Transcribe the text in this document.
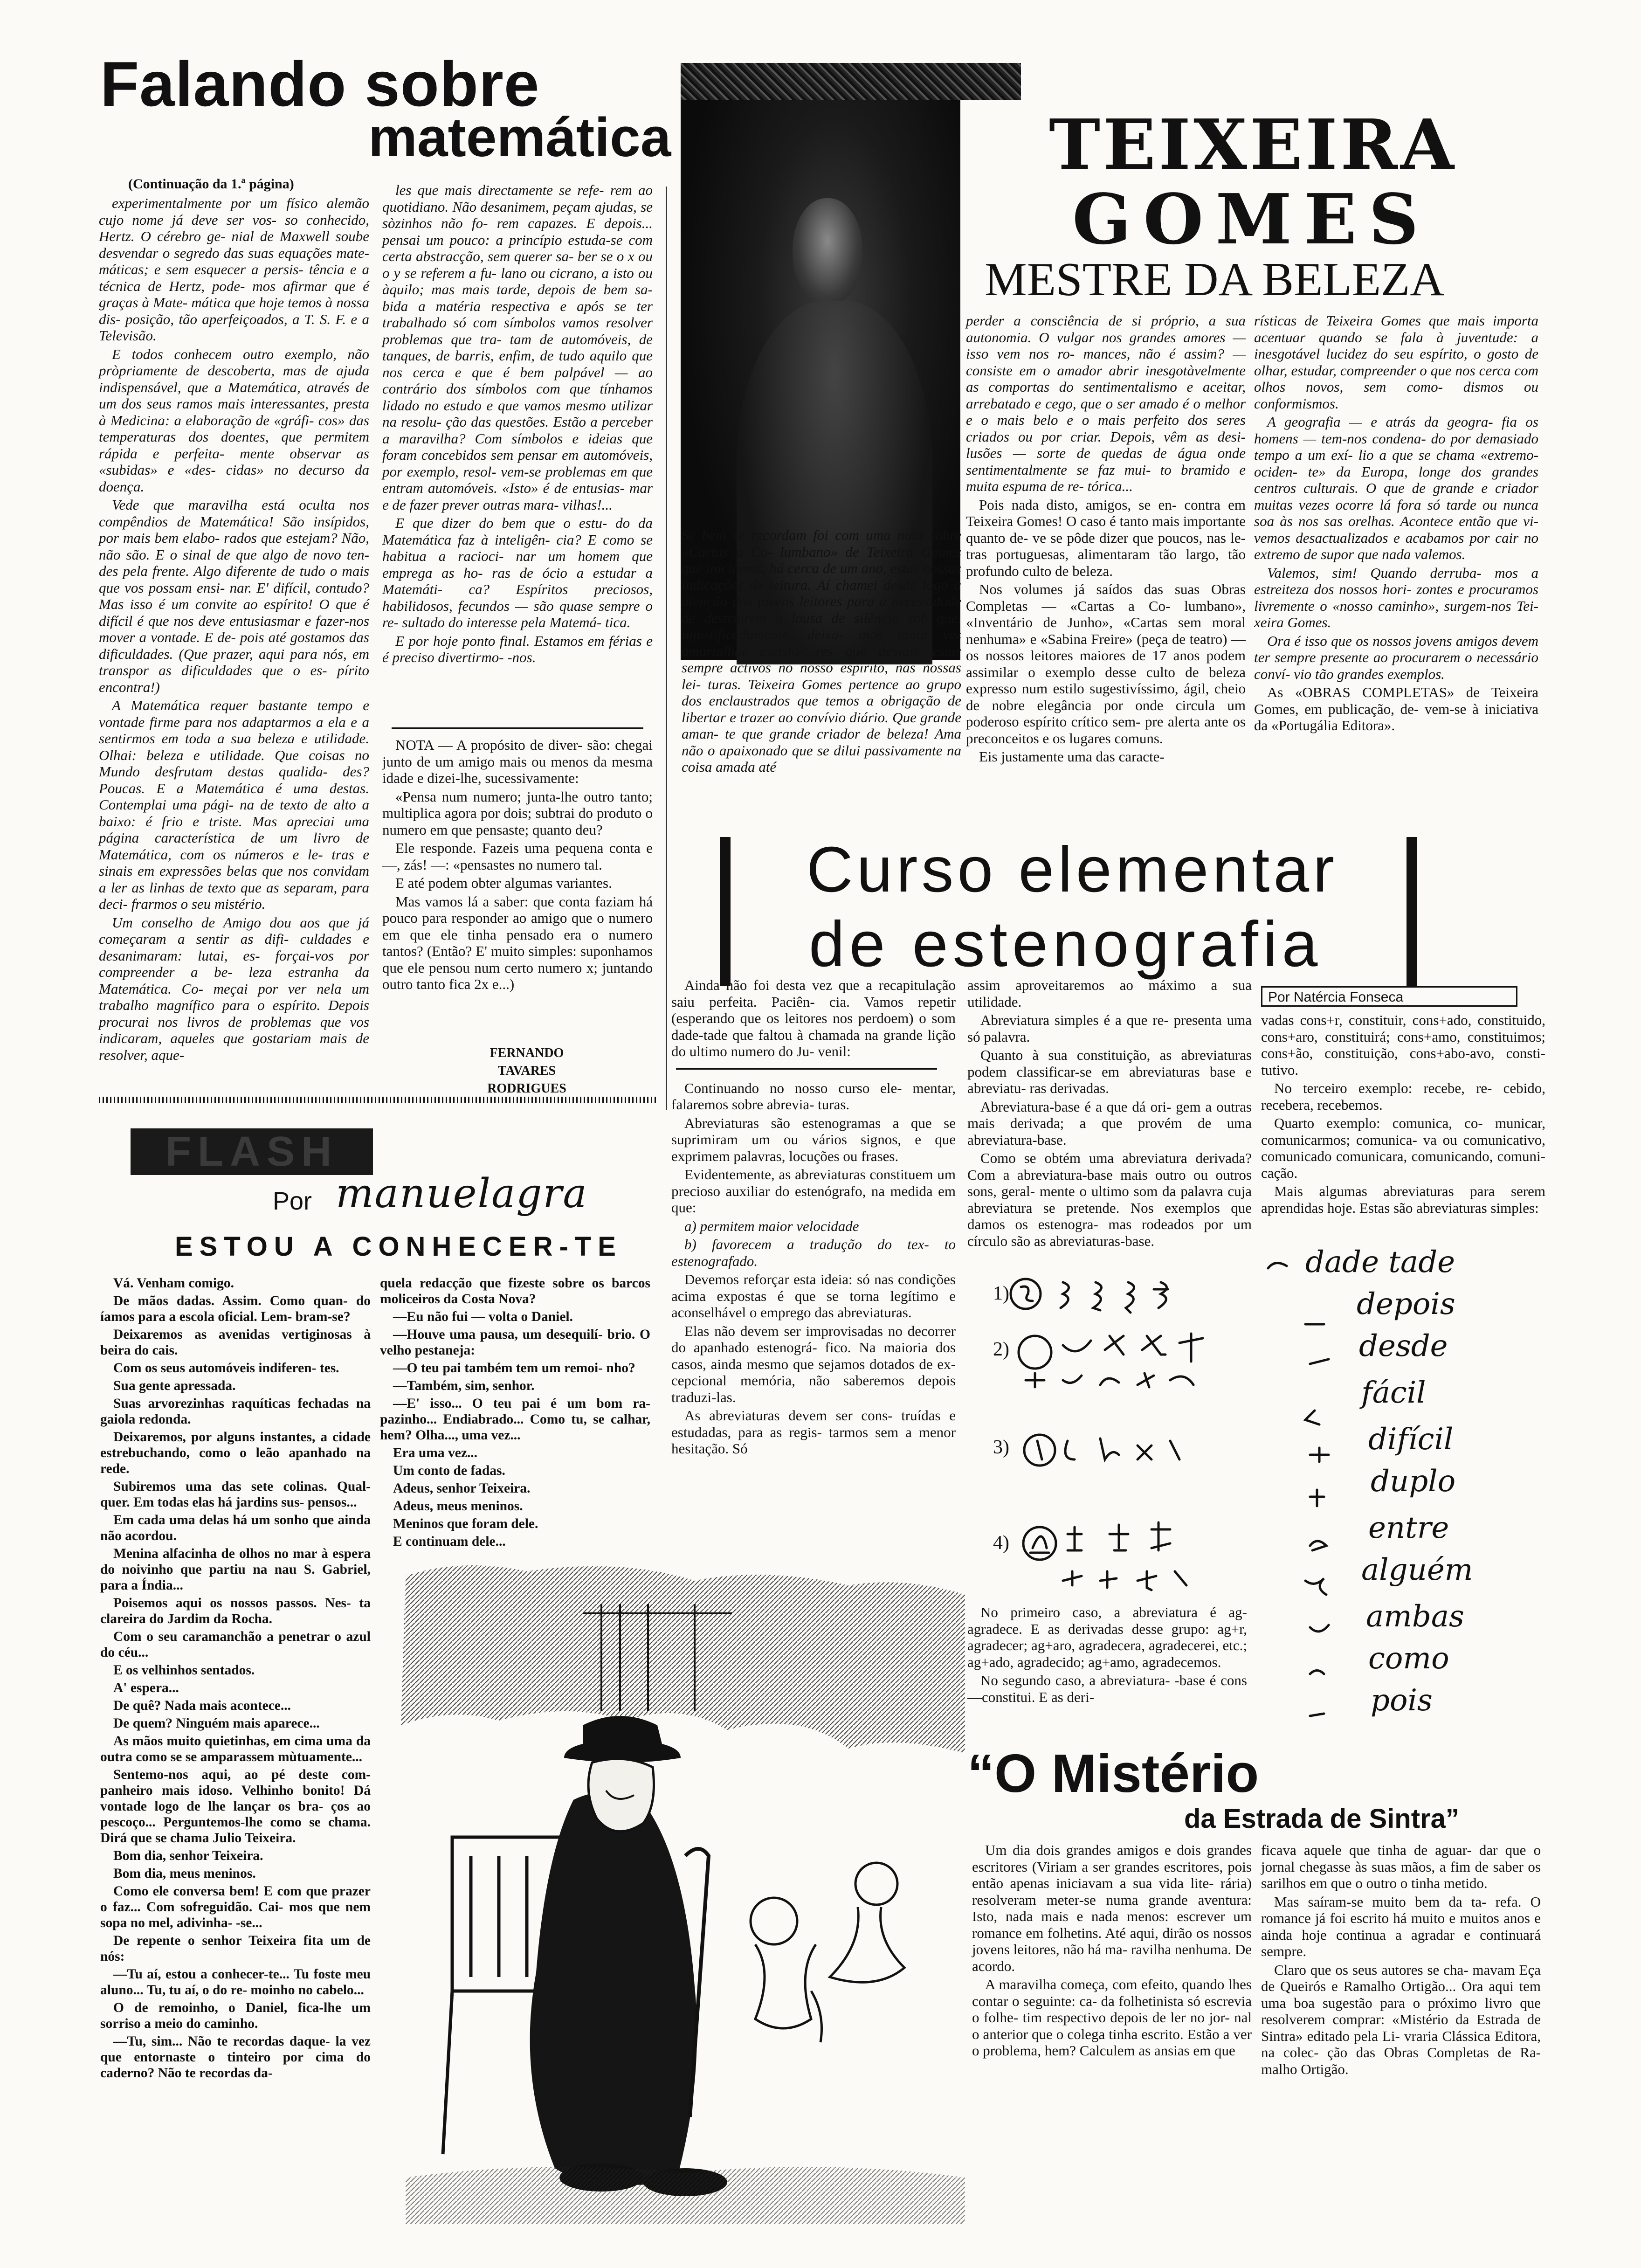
Falando sobre
matemática
(Continuação da 1.ª página)

experimentalmente por um físico alemão cujo nome já deve ser vos- so conhecido, Hertz. O cérebro ge- nial de Maxwell soube desvendar o segredo das suas equações mate- máticas; e sem esquecer a persis- tência e a técnica de Hertz, pode- mos afirmar que é graças à Mate- mática que hoje temos à nossa dis- posição, tão aperfeiçoados, a T. S. F. e a Televisão.

E todos conhecem outro exemplo, não pròpriamente de descoberta, mas de ajuda indispensável, que a Matemática, através de um dos seus ramos mais interessantes, presta à Medicina: a elaboração de «gráfi- cos» das temperaturas dos doentes, que permitem rápida e perfeita- mente observar as «subidas» e «des- cidas» no decurso da doença.

Vede que maravilha está oculta nos compêndios de Matemática! São insípidos, por mais bem elabo- rados que estejam? Não, não são. E o sinal de que algo de novo ten- des pela frente. Algo diferente de tudo o mais que vos possam ensi- nar. E' difícil, contudo? Mas isso é um convite ao espírito! O que é difícil é que nos deve entusiasmar e fazer-nos mover a vontade. E de- pois até gostamos das dificuldades. (Que prazer, aqui para nós, em transpor as dificuldades que o es- pírito encontra!)

A Matemática requer bastante tempo e vontade firme para nos adaptarmos a ela e a sentirmos em toda a sua beleza e utilidade. Olhai: beleza e utilidade. Que coisas no Mundo desfrutam destas qualida- des? Poucas. E a Matemática é uma destas. Contemplai uma pági- na de texto de alto a baixo: é frio e triste. Mas apreciai uma página característica de um livro de Matemática, com os números e le- tras e sinais em expressões belas que nos convidam a ler as linhas de texto que as separam, para deci- frarmos o seu mistério.

Um conselho de Amigo dou aos que já começaram a sentir as difi- culdades e desanimaram: lutai, es- forçai-vos por compreender a be- leza estranha da Matemática. Co- meçai por ver nela um trabalho magnífico para o espírito. Depois procurai nos livros de problemas que vos indicaram, aqueles que gostariam mais de resolver, aque-

les que mais directamente se refe- rem ao quotidiano. Não desanimem, peçam ajudas, se sòzinhos não fo- rem capazes. E depois... pensai um pouco: a princípio estuda-se com certa abstracção, sem querer sa- ber se o x ou o y se referem a fu- lano ou cicrano, a isto ou àquilo; mas mais tarde, depois de bem sa- bida a matéria respectiva e após se ter trabalhado só com símbolos vamos resolver problemas que tra- tam de automóveis, de tanques, de barris, enfim, de tudo aquilo que nos cerca e que é bem palpável — ao contrário dos símbolos com que tínhamos lidado no estudo e que vamos mesmo utilizar na resolu- ção das questões. Estão a perceber a maravilha? Com símbolos e ideias que foram concebidos sem pensar em automóveis, por exemplo, resol- vem-se problemas em que entram automóveis. «Isto» é de entusias- mar e de fazer prever outras mara- vilhas!...

E que dizer do bem que o estu- do da Matemática faz à inteligên- cia? E como se habitua a racioci- nar um homem que emprega as ho- ras de ócio a estudar a Matemáti- ca? Espíritos preciosos, habilidosos, fecundos — são quase sempre o re- sultado do interesse pela Matemá- tica.

E por hoje ponto final. Estamos em férias e é preciso divertirmo- -nos.

NOTA — A propósito de diver- são: chegai junto de um amigo mais ou menos da mesma idade e dizei-lhe, sucessivamente:

«Pensa num numero; junta-lhe outro tanto; multiplica agora por dois; subtrai do produto o numero em que pensaste; quanto deu?

Ele responde. Fazeis uma pequena conta e —, zás! —: «pensastes no numero tal.

E até podem obter algumas variantes.

Mas vamos lá a saber: que conta faziam há pouco para responder ao amigo que o numero em que ele tinha pensado era o numero tantos? (Então? E' muito simples: suponhamos que ele pensou num certo numero x; juntando outro tanto fica 2x e...)

FERNANDO TAVARES RODRIGUES
TEIXEIRA
GOMES
MESTRE DA BELEZA

Se bem se recordam foi com uma nota sobre «Cartas a Co- lumbano» de Teixeira Gomes que iniciámos, há cerca de um ano, estas nossas indicações de leitura. Aí chamei desde logo a atenção dos jovens leitores para a necessidade de destruírem a lousa de silêncio sob que, injustificadamente, deixa- mos tanta vez amortalhar escrito- res que deviam estar sempre activos no nosso espírito, nas nossas lei- turas. Teixeira Gomes pertence ao grupo dos enclaustrados que temos a obrigação de libertar e trazer ao convívio diário. Que grande aman- te que grande criador de beleza! Ama não o apaixonado que se dilui passivamente na coisa amada até

perder a consciência de si próprio, a sua autonomia. O vulgar nos grandes amores — isso vem nos ro- mances, não é assim? — consiste em o amador abrir inesgotàvelmente as comportas do sentimentalismo e aceitar, arrebatado e cego, que o ser amado é o melhor e o mais belo e o mais perfeito dos seres criados ou por criar. Depois, vêm as desi- lusões — sorte de quedas de água onde sentimentalmente se faz mui- to bramido e muita espuma de re- tórica...

Pois nada disto, amigos, se en- contra em Teixeira Gomes! O caso é tanto mais importante quanto de- ve se pôde dizer que poucos, nas le- tras portuguesas, alimentaram tão largo, tão profundo culto de beleza.

Nos volumes já saídos das suas Obras Completas — «Cartas a Co- lumbano», «Inventário de Junho», «Cartas sem moral nenhuma» e «Sabina Freire» (peça de teatro) — os nossos leitores maiores de 17 anos podem assimilar o exemplo desse culto de beleza expresso num estilo sugestivíssimo, ágil, cheio de nobre elegância por onde circula um poderoso espírito crítico sem- pre alerta ante os preconceitos e os lugares comuns.

Eis justamente uma das caracte-

rísticas de Teixeira Gomes que mais importa acentuar quando se fala à juventude: a inesgotável lucidez do seu espírito, o gosto de olhar, estudar, compreender o que nos cerca com olhos novos, sem como- dismos ou conformismos.

A geografia — e atrás da geogra- fia os homens — tem-nos condena- do por demasiado tempo a um exí- lio a que se chama «extremo-ociden- te» da Europa, longe dos grandes centros culturais. O que de grande e criador muitas vezes ocorre lá fora só tarde ou nunca soa às nos sas orelhas. Acontece então que vi- vemos desactualizados e acabamos por cair no extremo de supor que nada valemos.

Valemos, sim! Quando derruba- mos a estreiteza dos nossos hori- zontes e procuramos livremente o «nosso caminho», surgem-nos Tei- xeira Gomes.

Ora é isso que os nossos jovens amigos devem ter sempre presente ao procurarem o necessário conví- vio tão grandes exemplos.

As «OBRAS COMPLETAS» de Teixeira Gomes, em publicação, de- vem-se à iniciativa da «Portugália Editora».

Curso elementar
de estenografia
Por Natércia Fonseca

Ainda não foi desta vez que a recapitulação saiu perfeita. Paciên- cia. Vamos repetir (esperando que os leitores nos perdoem) o som dade-tade que faltou à chamada na grande lição do ultimo numero do Ju- venil:

Continuando no nosso curso ele- mentar, falaremos sobre abrevia- turas.

Abreviaturas são estenogramas a que se suprimiram um ou vários signos, e que exprimem palavras, locuções ou frases.

Evidentemente, as abreviaturas constituem um precioso auxiliar do estenógrafo, na medida em que:

a) permitem maior velocidade

b) favorecem a tradução do tex- to estenografado.

Devemos reforçar esta ideia: só nas condições acima expostas é que se torna legítimo e aconselhável o emprego das abreviaturas.

Elas não devem ser improvisadas no decorrer do apanhado estenográ- fico. Na maioria dos casos, ainda mesmo que sejamos dotados de ex- cepcional memória, não saberemos depois traduzi-las.

As abreviaturas devem ser cons- truídas e estudadas, para as regis- tarmos sem a menor hesitação. Só

assim aproveitaremos ao máximo a sua utilidade.

Abreviatura simples é a que re- presenta uma só palavra.

Quanto à sua constituição, as abreviaturas podem classificar-se em abreviaturas base e abreviatu- ras derivadas.

Abreviatura-base é a que dá ori- gem a outras mais derivada; a que provém de uma abreviatura-base.

Como se obtém uma abreviatura derivada? Com a abreviatura-base mais outro ou outros sons, geral- mente o ultimo som da palavra cuja abreviatura se pretende. Nos exemplos que damos os estenogra- mas rodeados por um círculo são as abreviaturas-base.

vadas cons+r, constituir, cons+ado, constituido, cons+aro, constituirá; cons+amo, constituimos; cons+ão, constituição, cons+abo-avo, consti- tutivo.

No terceiro exemplo: recebe, re- cebido, recebera, recebemos.

Quarto exemplo: comunica, co- municar, comunicarmos; comunica- va ou comunicativo, comunicado comunicara, comunicando, comuni- cação.

Mais algumas abreviaturas para serem aprendidas hoje. Estas são abreviaturas simples:

1)
2)
3)
4)
dade tade
depois
desde
fácil
difícil
duplo
entre
alguém
ambas
como
pois

No primeiro caso, a abreviatura é ag-agradece. E as derivadas desse grupo: ag+r, agradecer; ag+aro, agradecera, agradecerei, etc.; ag+ado, agradecido; ag+amo, agradecemos.

No segundo caso, a abreviatura- -base é cons—constitui. E as deri-

FLASH
Por manuelagra
ESTOU A CONHECER-TE

Vá. Venham comigo.

De mãos dadas. Assim. Como quan- do íamos para a escola oficial. Lem- bram-se?

Deixaremos as avenidas vertiginosas à beira do cais.

Com os seus automóveis indiferen- tes.

Sua gente apressada.

Suas arvorezinhas raquíticas fechadas na gaiola redonda.

Deixaremos, por alguns instantes, a cidade estrebuchando, como o leão apanhado na rede.

Subiremos uma das sete colinas. Qual- quer. Em todas elas há jardins sus- pensos...

Em cada uma delas há um sonho que ainda não acordou.

Menina alfacinha de olhos no mar à espera do noivinho que partiu na nau S. Gabriel, para a Índia...

Poisemos aqui os nossos passos. Nes- ta clareira do Jardim da Rocha.

Com o seu caramanchão a penetrar o azul do céu...

E os velhinhos sentados.

A' espera...

De quê? Nada mais acontece...

De quem? Ninguém mais aparece...

As mãos muito quietinhas, em cima uma da outra como se se amparassem mùtuamente...

Sentemo-nos aqui, ao pé deste com- panheiro mais idoso. Velhinho bonito! Dá vontade logo de lhe lançar os bra- ços ao pescoço... Perguntemos-lhe como se chama. Dirá que se chama Julio Teixeira.

Bom dia, senhor Teixeira.

Bom dia, meus meninos.

Como ele conversa bem! E com que prazer o faz... Com sofreguidão. Cai- mos que nem sopa no mel, adivinha- -se...

De repente o senhor Teixeira fita um de nós:

—Tu aí, estou a conhecer-te... Tu foste meu aluno... Tu, tu aí, o do re- moinho no cabelo...

O de remoinho, o Daniel, fica-lhe um sorriso a meio do caminho.

—Tu, sim... Não te recordas daque- la vez que entornaste o tinteiro por cima do caderno? Não te recordas da-

quela redacção que fizeste sobre os barcos moliceiros da Costa Nova?

—Eu não fui — volta o Daniel.

—Houve uma pausa, um desequilí- brio. O velho pestaneja:

—O teu pai também tem um remoi- nho?

—Também, sim, senhor.

—E' isso... O teu pai é um bom ra- pazinho... Endiabrado... Como tu, se calhar, hem? Olha..., uma vez...

Era uma vez...

Um conto de fadas.

Adeus, senhor Teixeira.

Adeus, meus meninos.

Meninos que foram dele.

E continuam dele...

“O Mistério
da Estrada de Sintra”

Um dia dois grandes amigos e dois grandes escritores (Viriam a ser grandes escritores, pois então apenas iniciavam a sua vida lite- rária) resolveram meter-se numa grande aventura: Isto, nada mais e nada menos: escrever um romance em folhetins. Até aqui, dirão os nossos jovens leitores, não há ma- ravilha nenhuma. De acordo.

A maravilha começa, com efeito, quando lhes contar o seguinte: ca- da folhetinista só escrevia o folhe- tim respectivo depois de ler no jor- nal o anterior que o colega tinha escrito. Estão a ver o problema, hem? Calculem as ansias em que

ficava aquele que tinha de aguar- dar que o jornal chegasse às suas mãos, a fim de saber os sarilhos em que o outro o tinha metido.

Mas saíram-se muito bem da ta- refa. O romance já foi escrito há muito e muitos anos e ainda hoje continua a agradar e continuará sempre.

Claro que os seus autores se cha- mavam Eça de Queirós e Ramalho Ortigão... Ora aqui tem uma boa sugestão para o próximo livro que resolverem comprar: «Mistério da Estrada de Sintra» editado pela Li- vraria Clássica Editora, na colec- ção das Obras Completas de Ra- malho Ortigão.
